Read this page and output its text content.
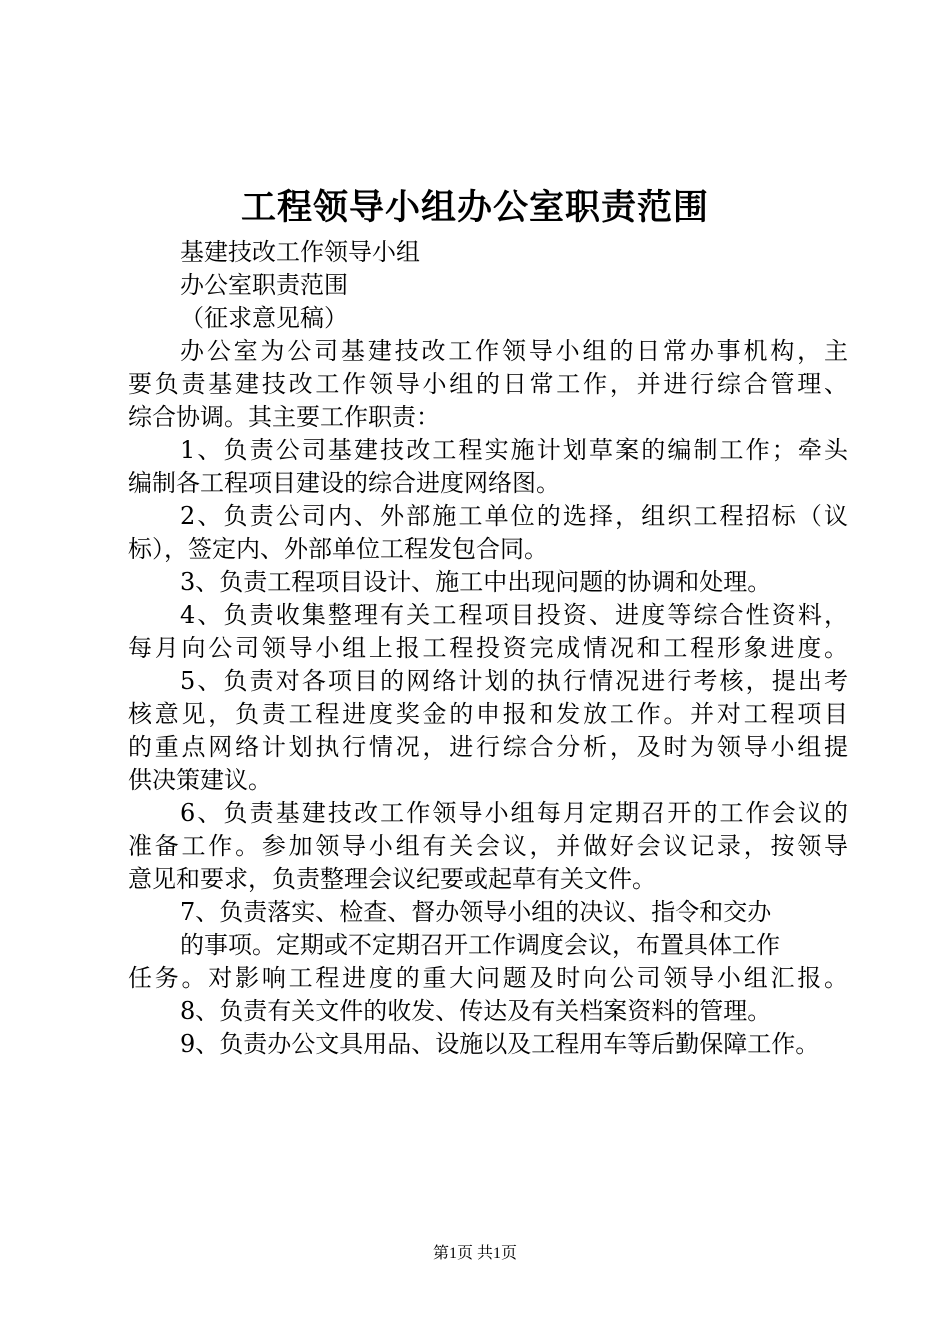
工程领导小组办公室职责范围
基建技改工作领导小组
办公室职责范围
（征求意见稿）
办公室为公司基建技改工作领导小组的日常办事机构，主
要负责基建技改工作领导小组的日常工作，并进行综合管理、
综合协调。其主要工作职责：
1、负责公司基建技改工程实施计划草案的编制工作；牵头
编制各工程项目建设的综合进度网络图。
2、负责公司内、外部施工单位的选择，组织工程招标（议
标），签定内、外部单位工程发包合同。
3、负责工程项目设计、施工中出现问题的协调和处理。
4、负责收集整理有关工程项目投资、进度等综合性资料，
每月向公司领导小组上报工程投资完成情况和工程形象进度。
5、负责对各项目的网络计划的执行情况进行考核，提出考
核意见，负责工程进度奖金的申报和发放工作。并对工程项目
的重点网络计划执行情况，进行综合分析，及时为领导小组提
供决策建议。
6、负责基建技改工作领导小组每月定期召开的工作会议的
准备工作。参加领导小组有关会议，并做好会议记录，按领导
意见和要求，负责整理会议纪要或起草有关文件。
7、负责落实、检查、督办领导小组的决议、指令和交办
的事项。定期或不定期召开工作调度会议，布置具体工作
任务。对影响工程进度的重大问题及时向公司领导小组汇报。
8、负责有关文件的收发、传达及有关档案资料的管理。
9、负责办公文具用品、设施以及工程用车等后勤保障工作。
第1页 共1页
